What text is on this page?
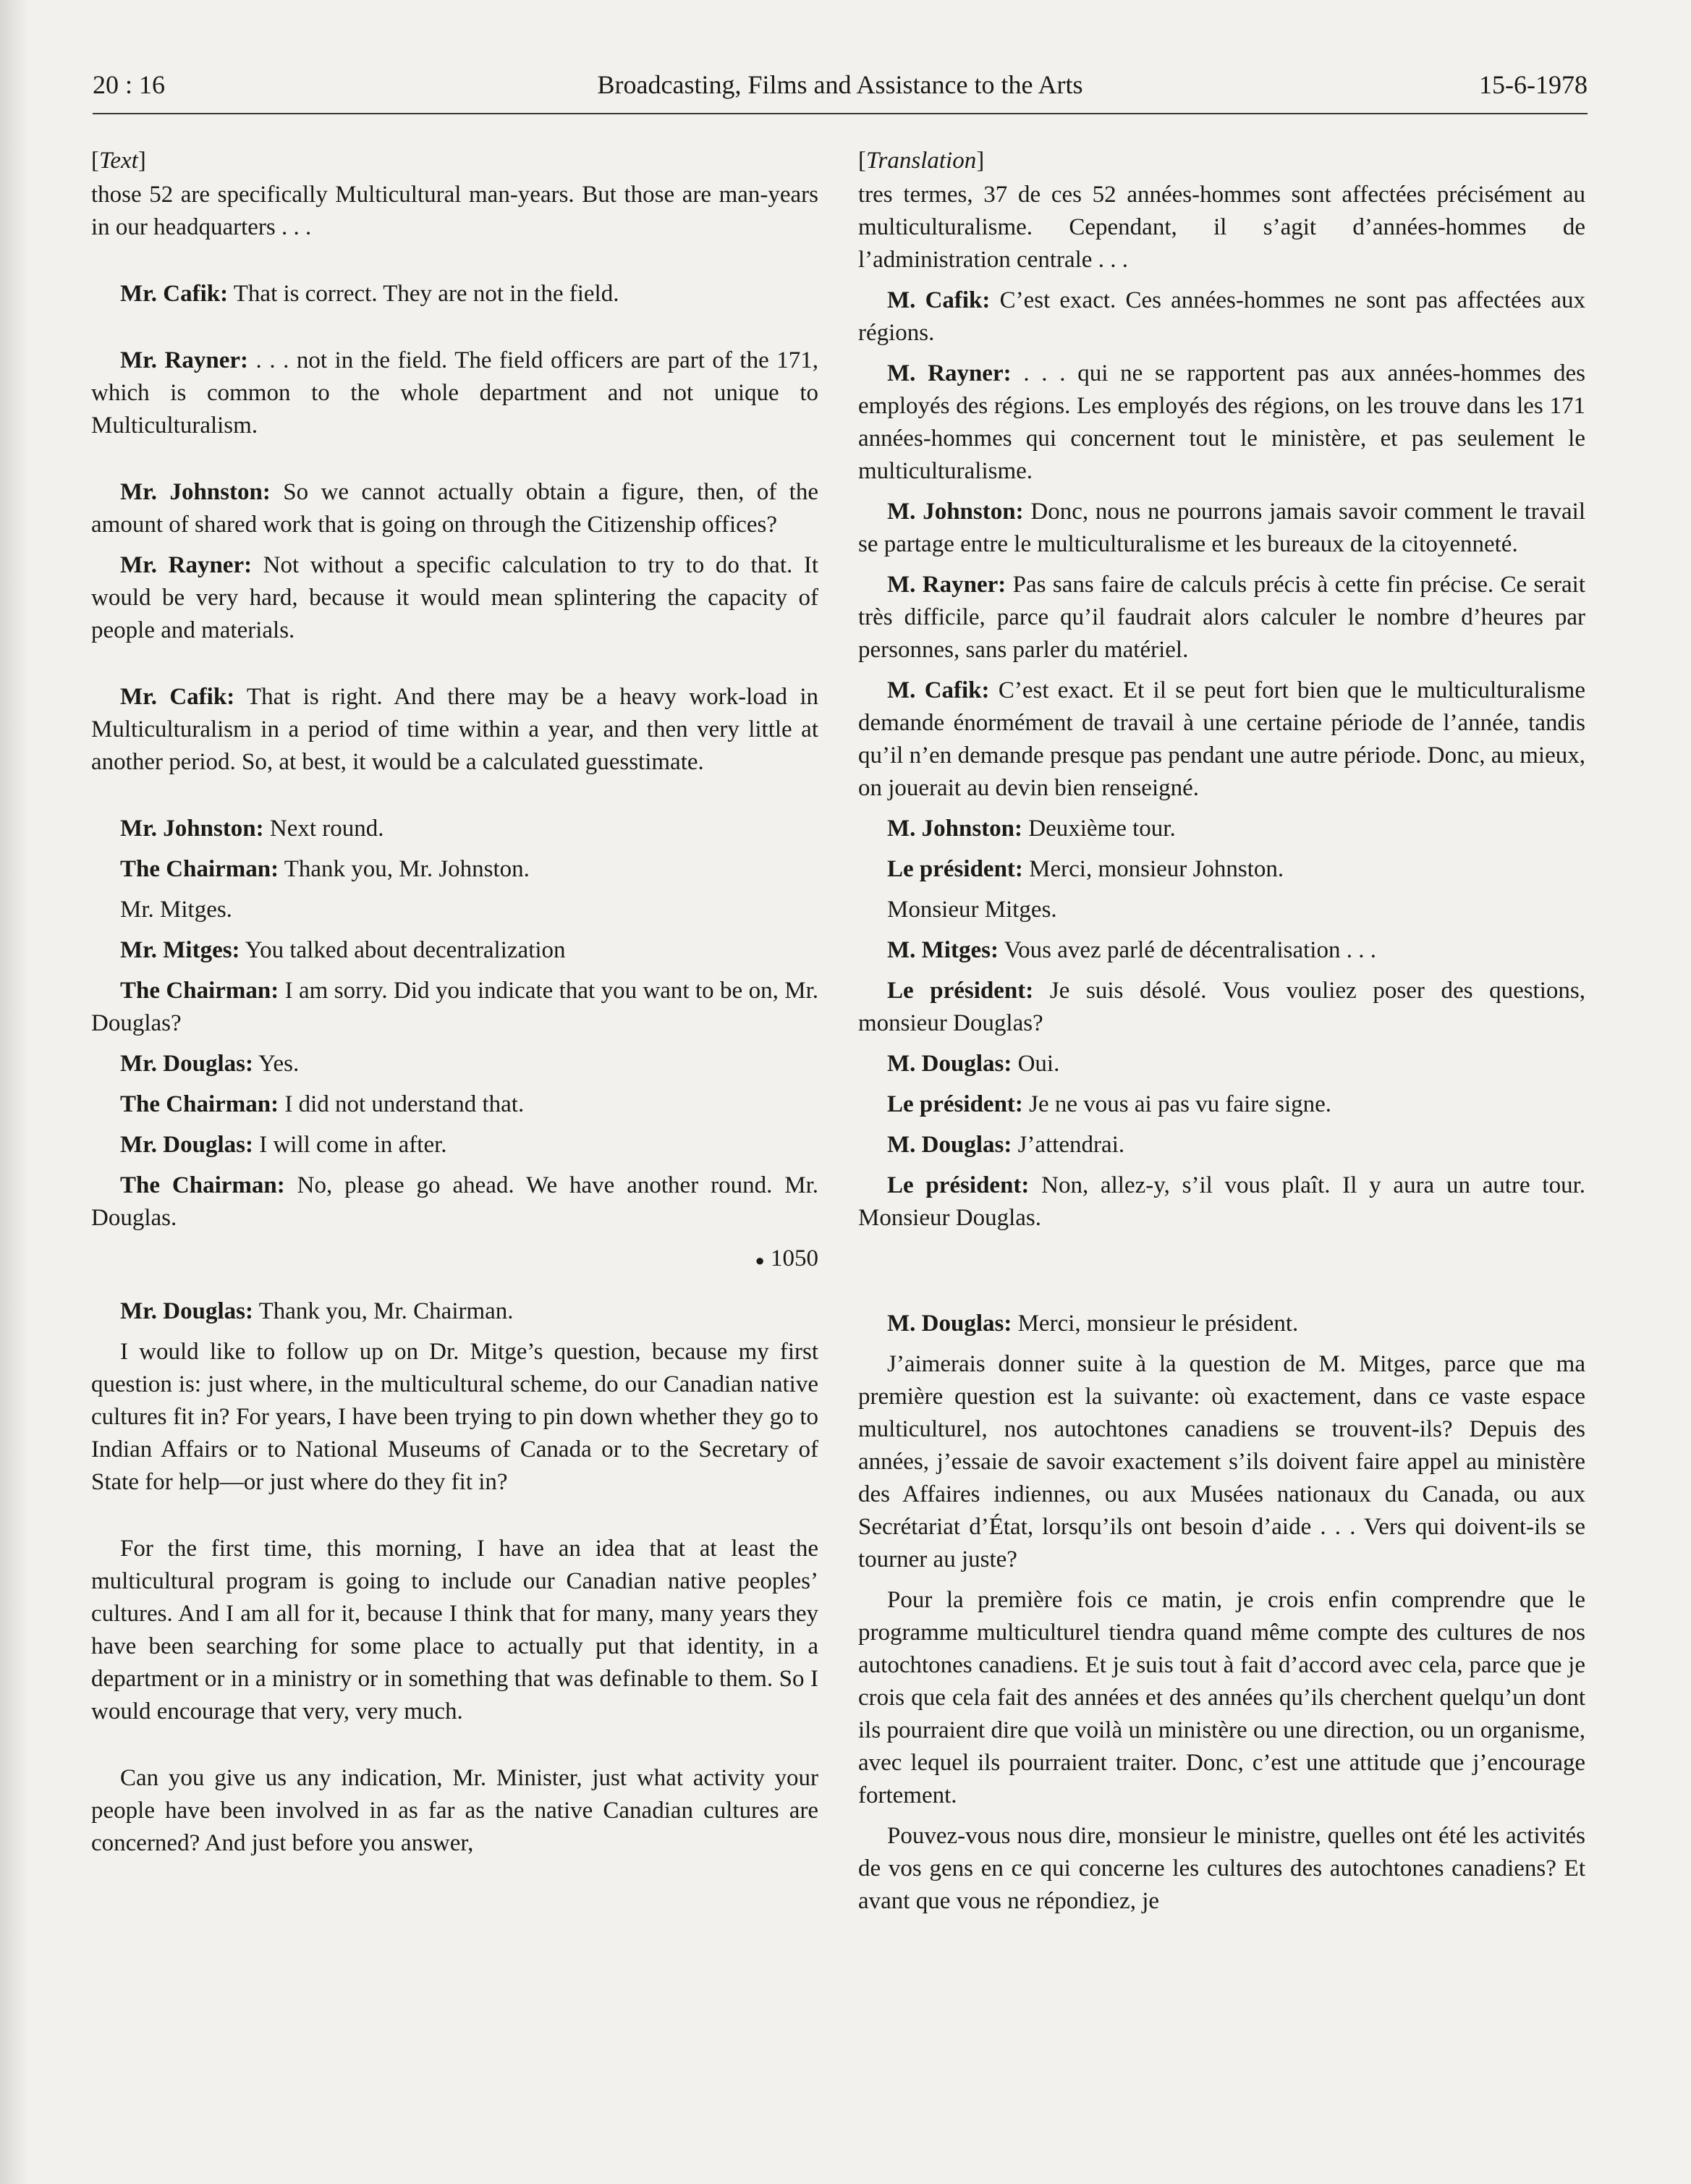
20 : 16	Broadcasting, Films and Assistance to the Arts	15-6-1978

[Text]

those 52 are specifically Multicultural man-years. But those are man-years in our headquarters . . .

Mr. Cafik: That is correct. They are not in the field.

Mr. Rayner: . . . not in the field. The field officers are part of the 171, which is common to the whole department and not unique to Multiculturalism.

Mr. Johnston: So we cannot actually obtain a figure, then, of the amount of shared work that is going on through the Citizenship offices?

Mr. Rayner: Not without a specific calculation to try to do that. It would be very hard, because it would mean splintering the capacity of people and materials.

Mr. Cafik: That is right. And there may be a heavy work-load in Multiculturalism in a period of time within a year, and then very little at another period. So, at best, it would be a calculated guesstimate.

Mr. Johnston: Next round.

The Chairman: Thank you, Mr. Johnston.

Mr. Mitges.

Mr. Mitges: You talked about decentralization

The Chairman: I am sorry. Did you indicate that you want to be on, Mr. Douglas?

Mr. Douglas: Yes.

The Chairman: I did not understand that.

Mr. Douglas: I will come in after.

The Chairman: No, please go ahead. We have another round. Mr. Douglas.

● 1050

Mr. Douglas: Thank you, Mr. Chairman.

I would like to follow up on Dr. Mitge’s question, because my first question is: just where, in the multicultural scheme, do our Canadian native cultures fit in? For years, I have been trying to pin down whether they go to Indian Affairs or to National Museums of Canada or to the Secretary of State for help—or just where do they fit in?

For the first time, this morning, I have an idea that at least the multicultural program is going to include our Canadian native peoples’ cultures. And I am all for it, because I think that for many, many years they have been searching for some place to actually put that identity, in a department or in a ministry or in something that was definable to them. So I would encourage that very, very much.

Can you give us any indication, Mr. Minister, just what activity your people have been involved in as far as the native Canadian cultures are concerned? And just before you answer,

[Translation]

tres termes, 37 de ces 52 années-hommes sont affectées précisément au multiculturalisme. Cependant, il s’agit d’années-hommes de l’administration centrale . . .

M. Cafik: C’est exact. Ces années-hommes ne sont pas affectées aux régions.

M. Rayner: . . . qui ne se rapportent pas aux années-hommes des employés des régions. Les employés des régions, on les trouve dans les 171 années-hommes qui concernent tout le ministère, et pas seulement le multiculturalisme.

M. Johnston: Donc, nous ne pourrons jamais savoir comment le travail se partage entre le multiculturalisme et les bureaux de la citoyenneté.

M. Rayner: Pas sans faire de calculs précis à cette fin précise. Ce serait très difficile, parce qu’il faudrait alors calculer le nombre d’heures par personnes, sans parler du matériel.

M. Cafik: C’est exact. Et il se peut fort bien que le multiculturalisme demande énormément de travail à une certaine période de l’année, tandis qu’il n’en demande presque pas pendant une autre période. Donc, au mieux, on jouerait au devin bien renseigné.

M. Johnston: Deuxième tour.

Le président: Merci, monsieur Johnston.

Monsieur Mitges.

M. Mitges: Vous avez parlé de décentralisation . . .

Le président: Je suis désolé. Vous vouliez poser des questions, monsieur Douglas?

M. Douglas: Oui.

Le président: Je ne vous ai pas vu faire signe.

M. Douglas: J’attendrai.

Le président: Non, allez-y, s’il vous plaît. Il y aura un autre tour. Monsieur Douglas.

M. Douglas: Merci, monsieur le président.

J’aimerais donner suite à la question de M. Mitges, parce que ma première question est la suivante: où exactement, dans ce vaste espace multiculturel, nos autochtones canadiens se trouvent-ils? Depuis des années, j’essaie de savoir exactement s’ils doivent faire appel au ministère des Affaires indiennes, ou aux Musées nationaux du Canada, ou aux Secrétariat d’État, lorsqu’ils ont besoin d’aide . . . Vers qui doivent-ils se tourner au juste?

Pour la première fois ce matin, je crois enfin comprendre que le programme multiculturel tiendra quand même compte des cultures de nos autochtones canadiens. Et je suis tout à fait d’accord avec cela, parce que je crois que cela fait des années et des années qu’ils cherchent quelqu’un dont ils pourraient dire que voilà un ministère ou une direction, ou un organisme, avec lequel ils pourraient traiter. Donc, c’est une attitude que j’encourage fortement.

Pouvez-vous nous dire, monsieur le ministre, quelles ont été les activités de vos gens en ce qui concerne les cultures des autochtones canadiens? Et avant que vous ne répondiez, je
